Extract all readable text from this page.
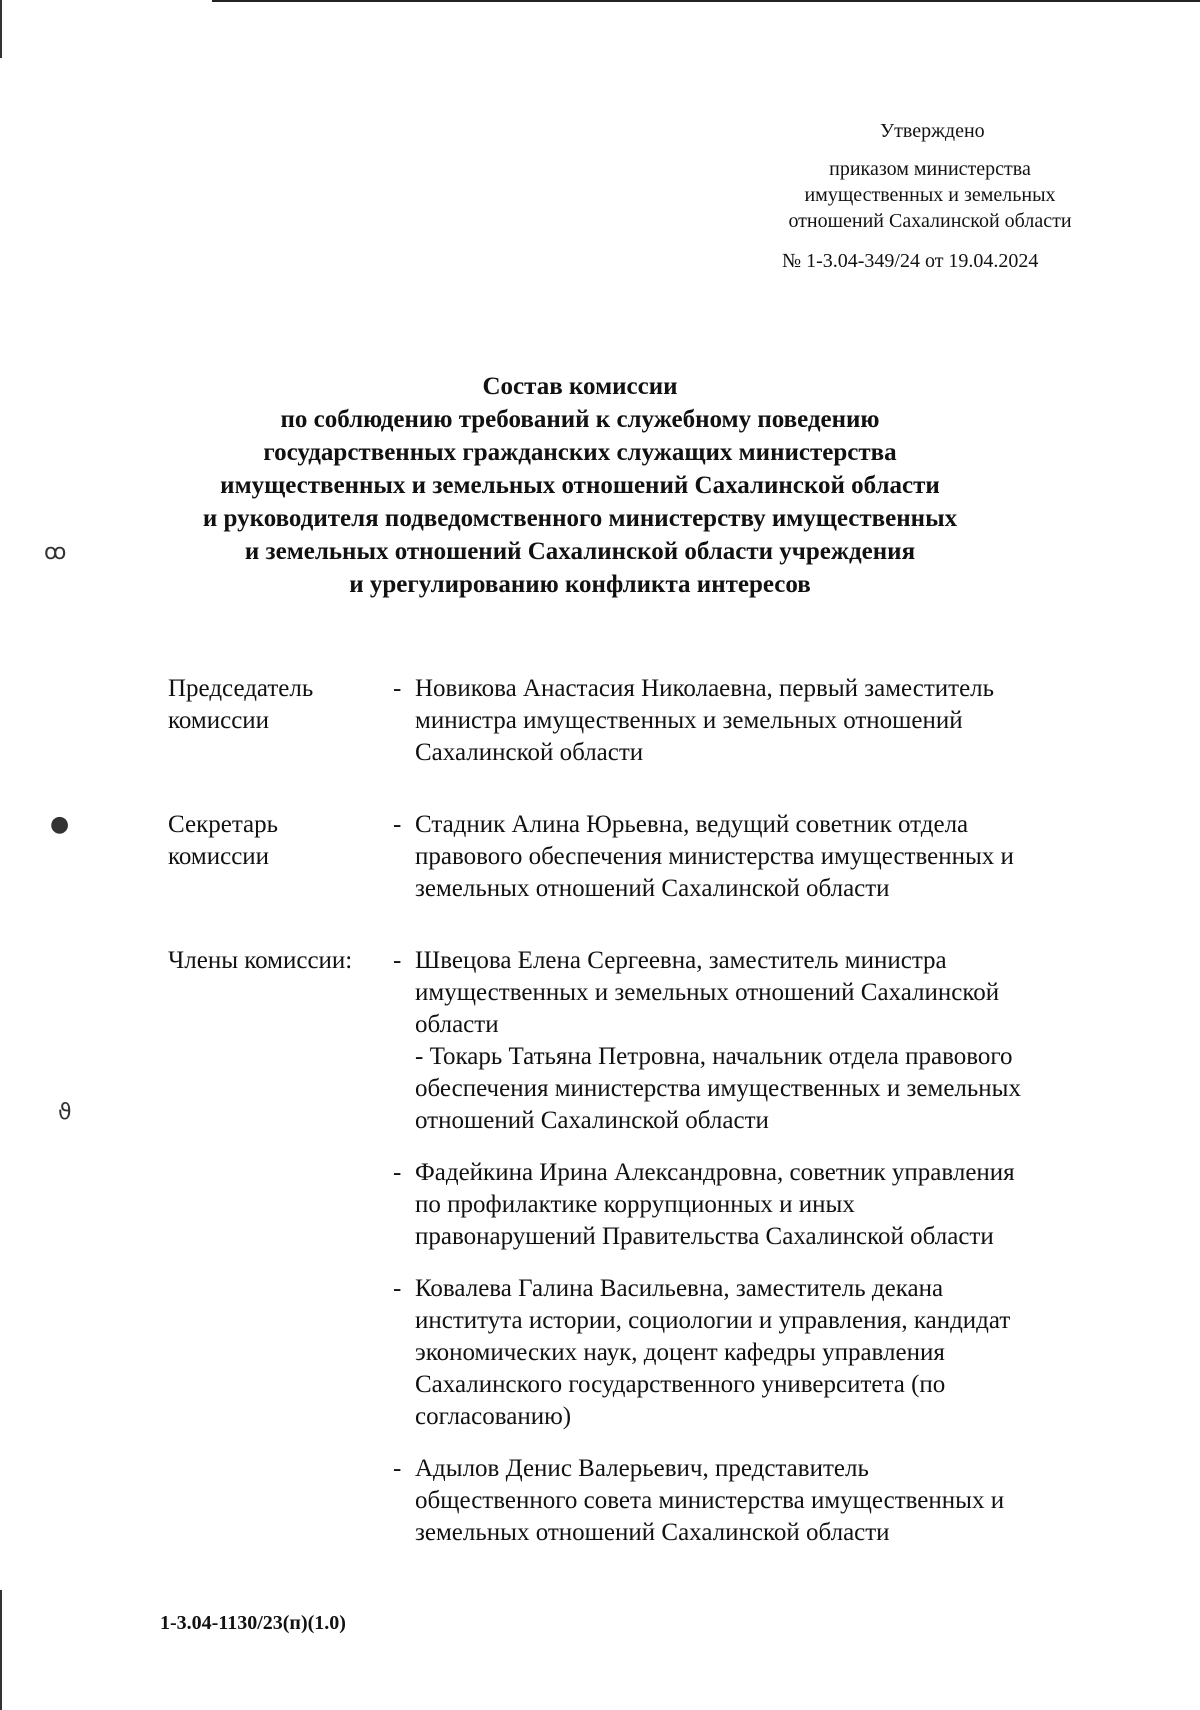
ꝏ
●
ϑ
Утверждено
приказом министерства
имущественных и земельных
отношений Сахалинской области
№ 1-3.04-349/24 от 19.04.2024
Состав комиссии
по соблюдению требований к служебному поведению
государственных гражданских служащих министерства
имущественных и земельных отношений Сахалинской области
и руководителя подведомственного министерству имущественных
и земельных отношений Сахалинской области учреждения
и урегулированию конфликта интересов
Председатель
комиссии
- Новикова Анастасия Николаевна, первый заместитель
министра имущественных и земельных отношений
Сахалинской области
Секретарь
комиссии
- Стадник Алина Юрьевна, ведущий советник отдела
правового обеспечения министерства имущественных и
земельных отношений Сахалинской области
Члены комиссии:	- Швецова Елена Сергеевна, заместитель министра
имущественных и земельных отношений Сахалинской
области
- Токарь Татьяна Петровна, начальник отдела правового
обеспечения министерства имущественных и земельных
отношений Сахалинской области
- Фадейкина Ирина Александровна, советник управления
по профилактике коррупционных и иных
правонарушений Правительства Сахалинской области
- Ковалева Галина Васильевна, заместитель декана
института истории, социологии и управления, кандидат
экономических наук, доцент кафедры управления
Сахалинского государственного университета (по
согласованию)
- Адылов Денис Валерьевич, представитель
общественного совета министерства имущественных и
земельных отношений Сахалинской области
1-3.04-1130/23(п)(1.0)
